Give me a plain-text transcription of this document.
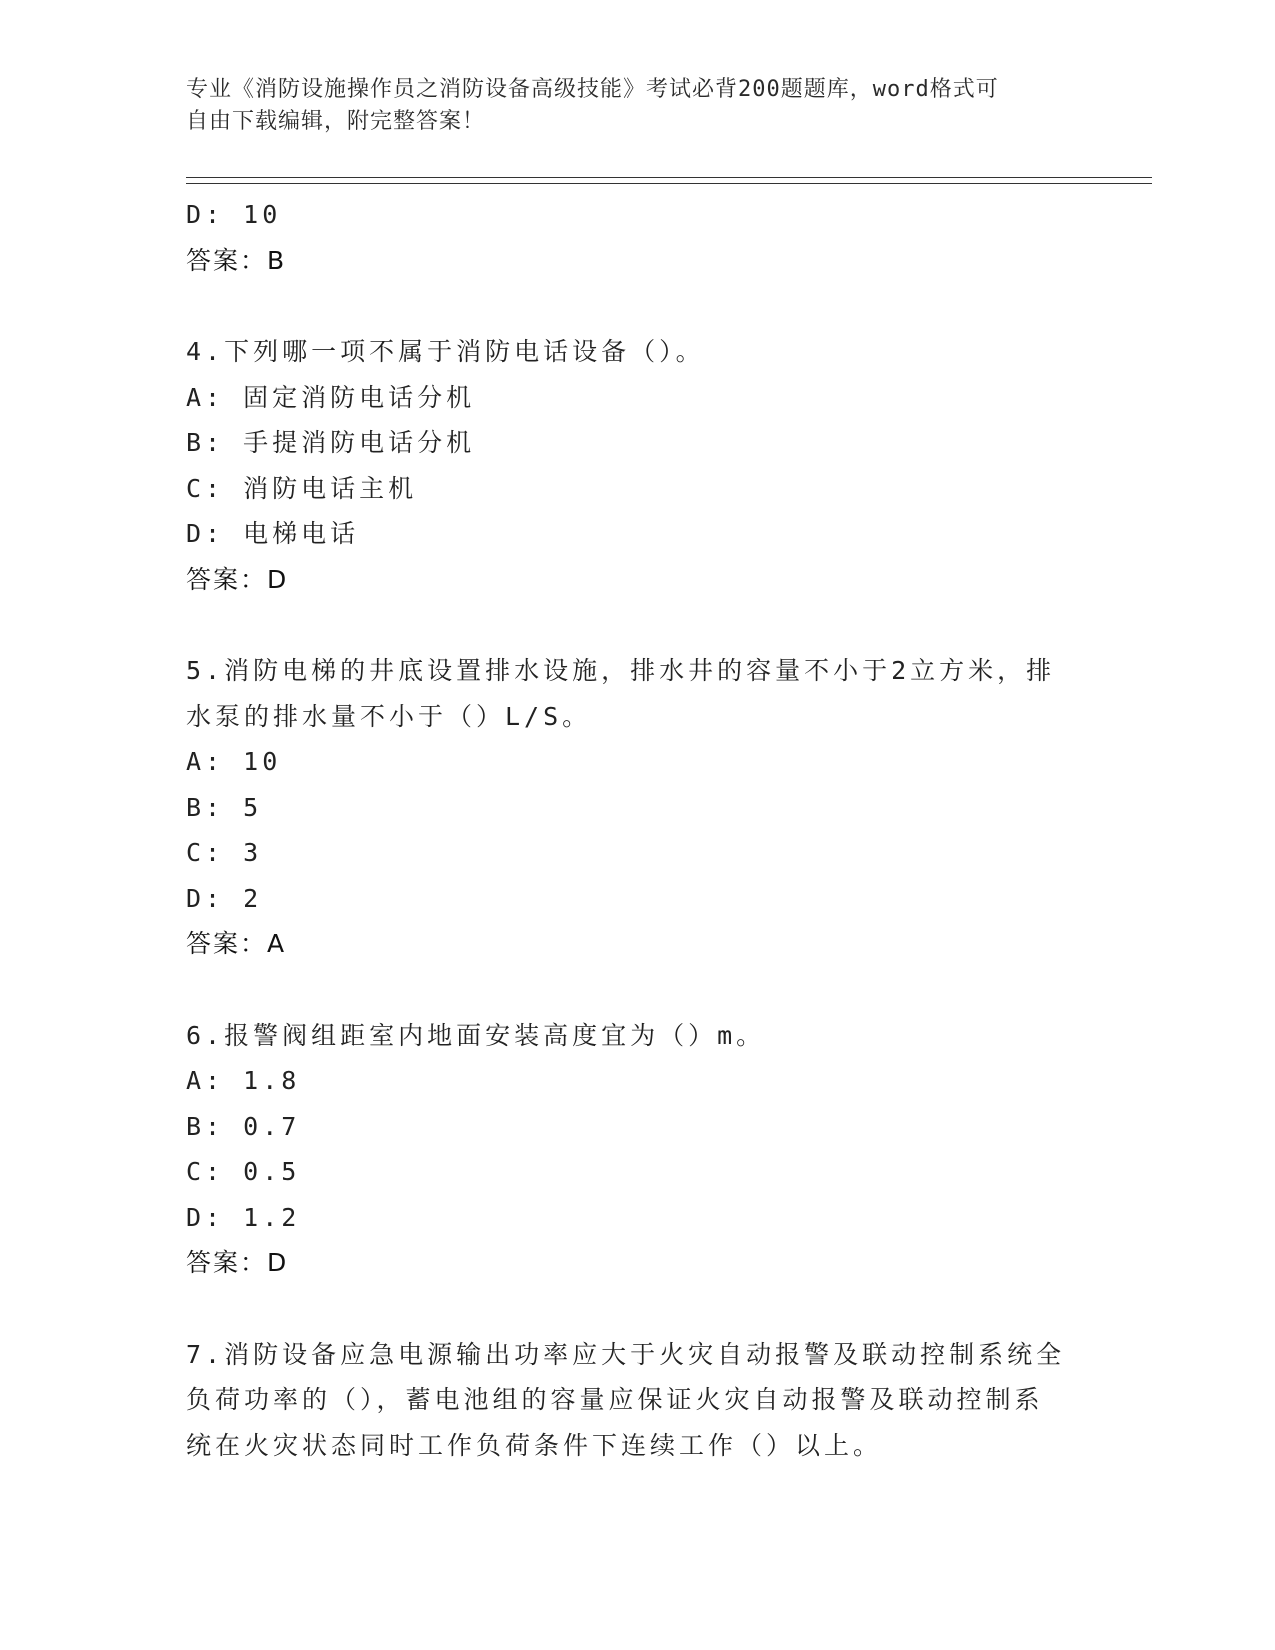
专业《消防设施操作员之消防设备高级技能》考试必背200题题库，word格式可
自由下载编辑，附完整答案！
D: 10
答案：B
4.下列哪一项不属于消防电话设备（）。
A: 固定消防电话分机
B: 手提消防电话分机
C: 消防电话主机
D: 电梯电话
答案：D
5.消防电梯的井底设置排水设施，排水井的容量不小于2立方米，排
水泵的排水量不小于（）L/S。
A: 10
B: 5
C: 3
D: 2
答案：A
6.报警阀组距室内地面安装高度宜为（）m。
A: 1.8
B: 0.7
C: 0.5
D: 1.2
答案：D
7.消防设备应急电源输出功率应大于火灾自动报警及联动控制系统全
负荷功率的（），蓄电池组的容量应保证火灾自动报警及联动控制系
统在火灾状态同时工作负荷条件下连续工作（）以上。
